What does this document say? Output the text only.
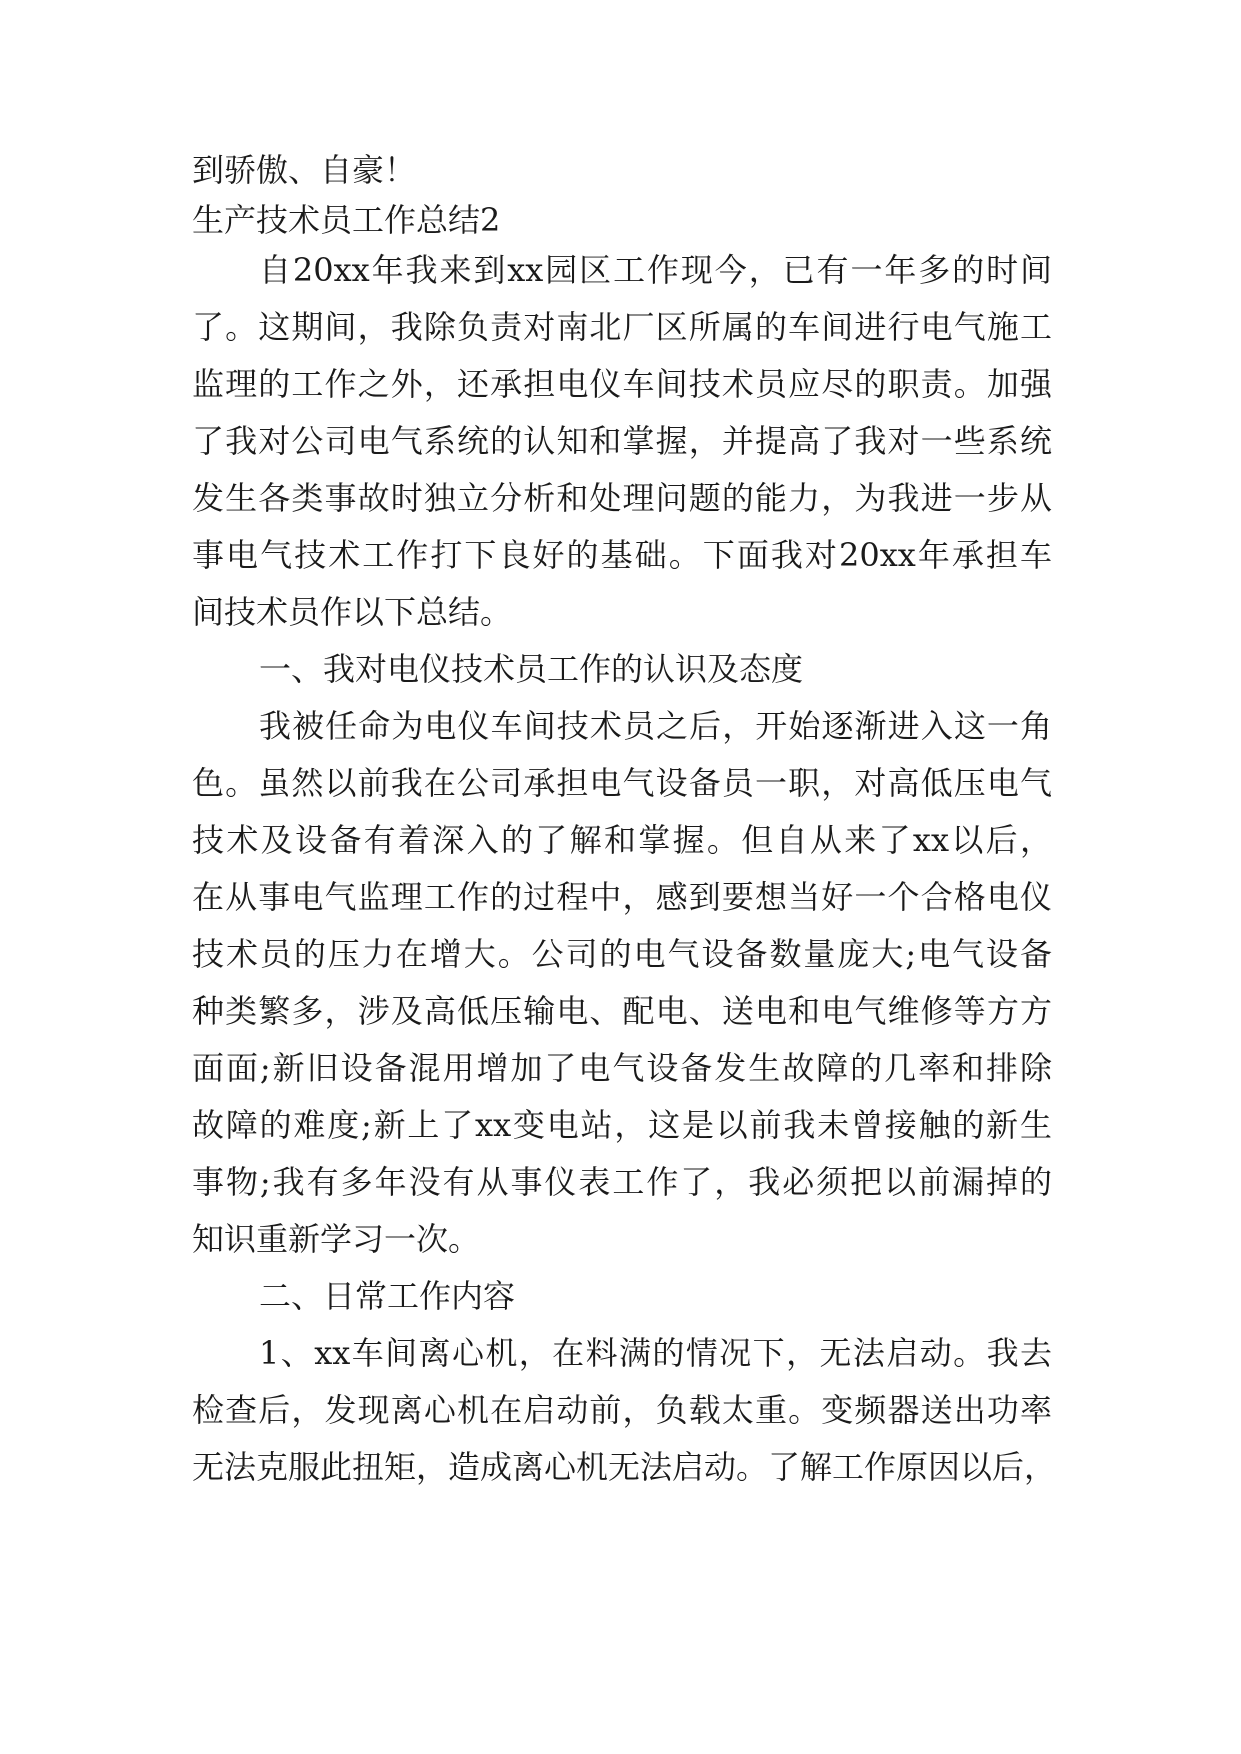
到骄傲、自豪！
生产技术员工作总结2
自20xx年我来到xx园区工作现今，已有一年多的时间
了。这期间，我除负责对南北厂区所属的车间进行电气施工
监理的工作之外，还承担电仪车间技术员应尽的职责。加强
了我对公司电气系统的认知和掌握，并提高了我对一些系统
发生各类事故时独立分析和处理问题的能力，为我进一步从
事电气技术工作打下良好的基础。下面我对20xx年承担车
间技术员作以下总结。
一、我对电仪技术员工作的认识及态度
我被任命为电仪车间技术员之后，开始逐渐进入这一角
色。虽然以前我在公司承担电气设备员一职，对高低压电气
技术及设备有着深入的了解和掌握。但自从来了xx以后，
在从事电气监理工作的过程中，感到要想当好一个合格电仪
技术员的压力在增大。公司的电气设备数量庞大;电气设备
种类繁多，涉及高低压输电、配电、送电和电气维修等方方
面面;新旧设备混用增加了电气设备发生故障的几率和排除
故障的难度;新上了xx变电站，这是以前我未曾接触的新生
事物;我有多年没有从事仪表工作了，我必须把以前漏掉的
知识重新学习一次。
二、日常工作内容
1、xx车间离心机，在料满的情况下，无法启动。我去
检查后，发现离心机在启动前，负载太重。变频器送出功率
无法克服此扭矩，造成离心机无法启动。了解工作原因以后，
